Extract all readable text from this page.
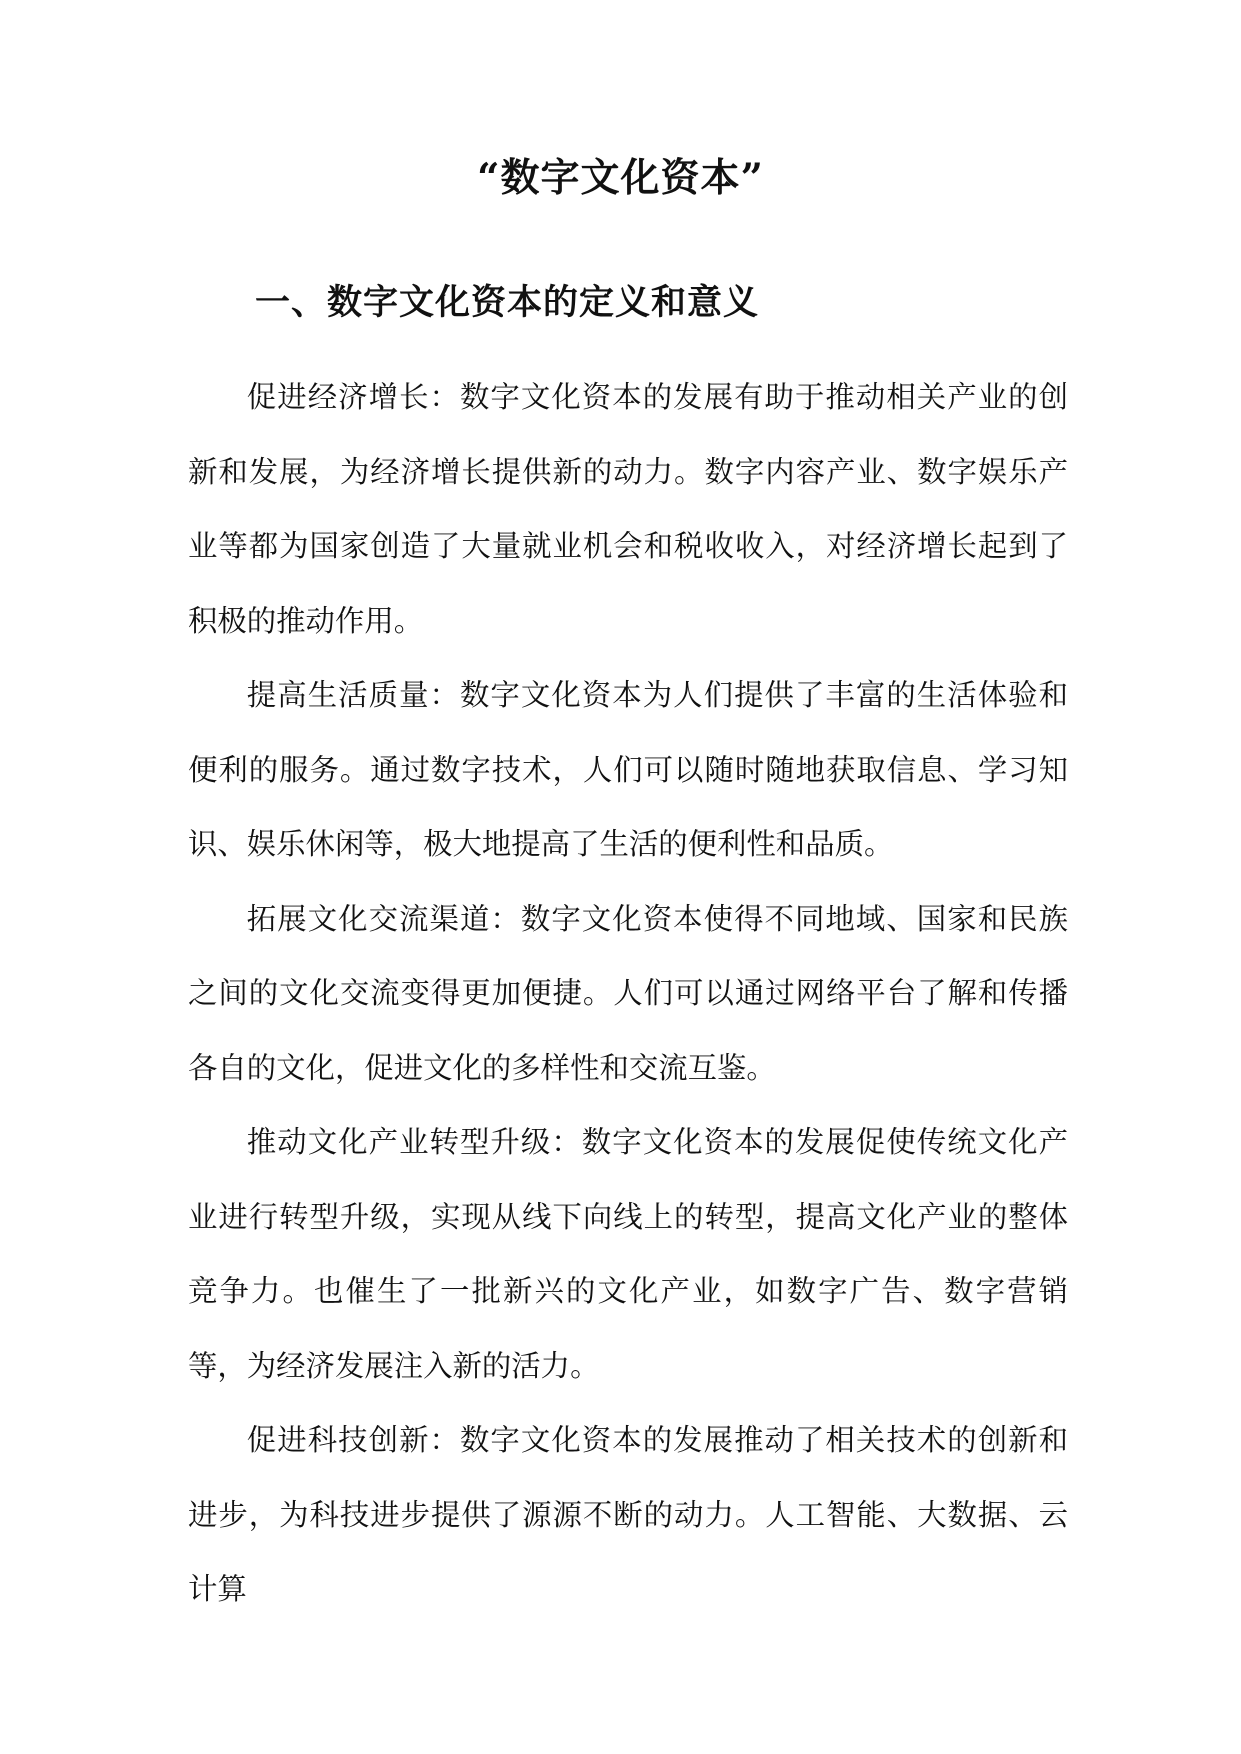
“数字文化资本”
一、数字文化资本的定义和意义

促进经济增长：数字文化资本的发展有助于推动相关产业的创新和发展，为经济增长提供新的动力。数字内容产业、数字娱乐产业等都为国家创造了大量就业机会和税收收入，对经济增长起到了积极的推动作用。

提高生活质量：数字文化资本为人们提供了丰富的生活体验和便利的服务。通过数字技术，人们可以随时随地获取信息、学习知识、娱乐休闲等，极大地提高了生活的便利性和品质。

拓展文化交流渠道：数字文化资本使得不同地域、国家和民族之间的文化交流变得更加便捷。人们可以通过网络平台了解和传播各自的文化，促进文化的多样性和交流互鉴。

推动文化产业转型升级：数字文化资本的发展促使传统文化产业进行转型升级，实现从线下向线上的转型，提高文化产业的整体竞争力。也催生了一批新兴的文化产业，如数字广告、数字营销等，为经济发展注入新的活力。

促进科技创新：数字文化资本的发展推动了相关技术的创新和进步，为科技进步提供了源源不断的动力。人工智能、大数据、云计算
